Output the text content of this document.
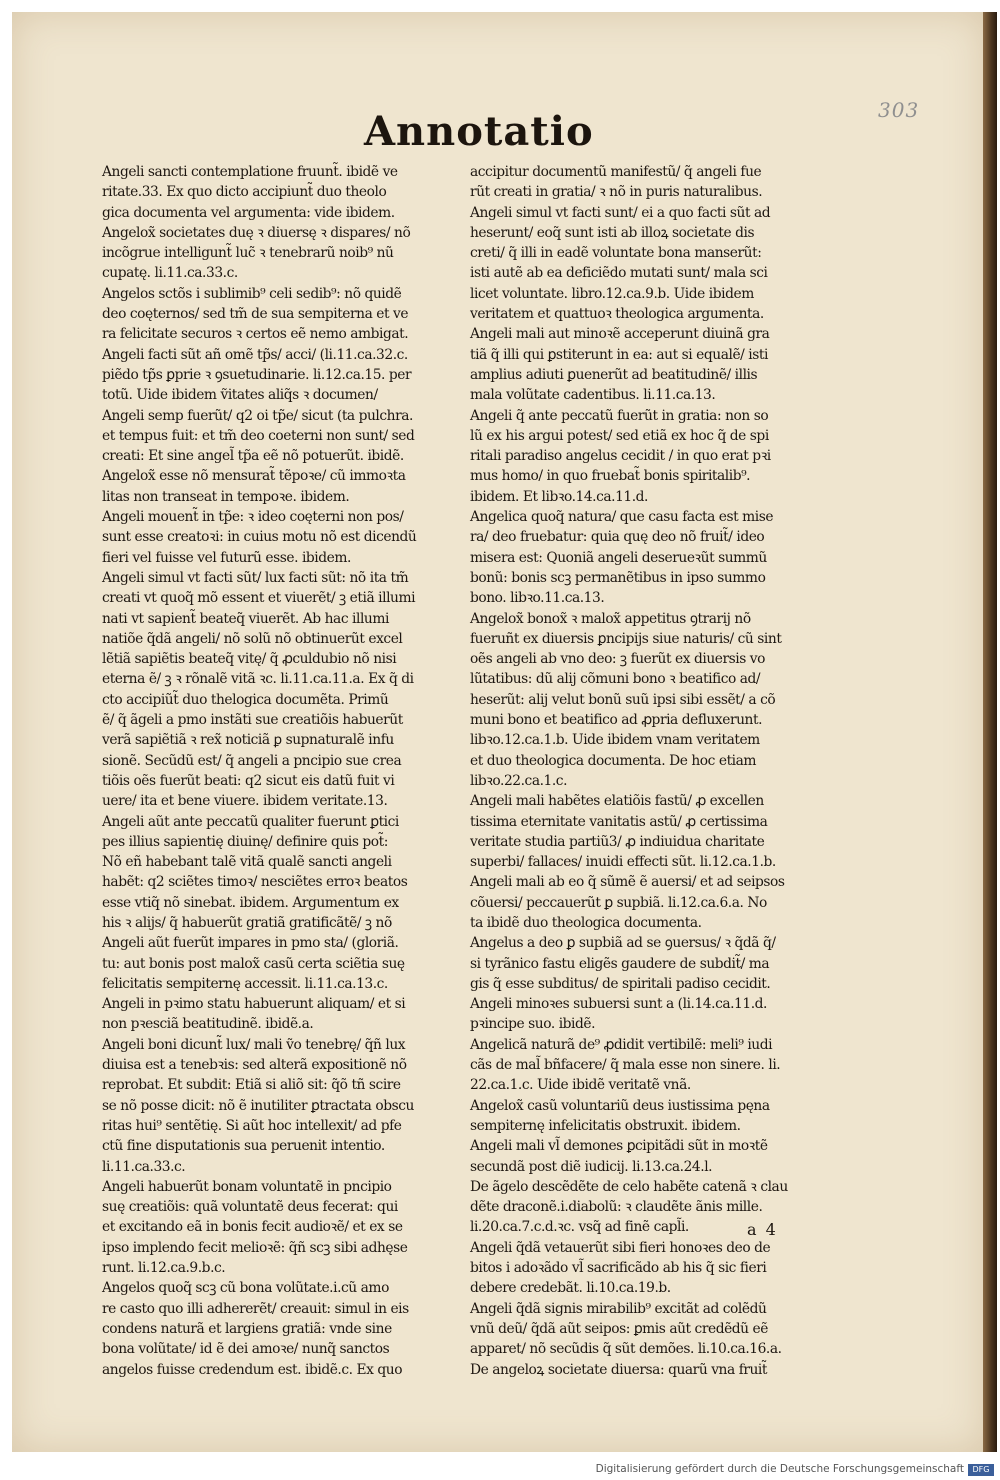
303
Annotatio

Angeli sancti contemplatione fruunt̃. ibidẽ ve

ritate.33. Ex quo dicto accipiunt̃ duo theolo

gica documenta vel argumenta: vide ibidem.

Angelox̃ societates duę ꝛ diuersę ꝛ dispares/ nõ

incõgrue intelligunt̃ luc̃ ꝛ tenebrarũ noib⁹ nũ

cupatę. li.11.ca.33.c.

Angelos sctõs i sublimib⁹ celi sedib⁹: nõ quidẽ

deo coęternos/ sed tm̃ de sua sempiterna et ve

ra felicitate securos ꝛ certos eẽ nemo ambigat.

Angeli facti sũt añ omẽ tp̃s/ acci/ (li.11.ca.32.c.

piẽdo tp̃s ꝑprie ꝛ ꝯsuetudinarie. li.12.ca.15. per

totũ. Uide ibidem ṽitates aliq̃s ꝛ documen/

Angeli semp fuerũt/ q2 oi tp̃e/ sicut (ta pulchra.

et tempus fuit: et tm̃ deo coeterni non sunt/ sed

creati: Et sine angel̃ tp̃a eẽ nõ potuerũt. ibidẽ.

Angelox̃ esse nõ mensurat̃ tẽpoꝛe/ cũ immoꝛta

litas non transeat in tempoꝛe. ibidem.

Angeli mouent̃ in tp̃e: ꝛ ideo coęterni non pos/

sunt esse creatoꝛi: in cuius motu nõ est dicendũ

fieri vel fuisse vel futurũ esse. ibidem.

Angeli simul vt facti sũt/ lux facti sũt: nõ ita tm̃

creati vt quoq̃ mõ essent et viuerẽt/ ꝫ etiã illumi

nati vt sapient̃ beateq̃ viuerẽt. Ab hac illumi

natiõe q̃dã angeli/ nõ solũ nõ obtinuerũt excel

lẽtiã sapiẽtis beateq̃ vitę/ q̃ ꝓculdubio nõ nisi

eterna ẽ/ ꝫ ꝛ rõnalẽ vitã ꝛc. li.11.ca.11.a. Ex q̃ di

cto accipiũt̃ duo thelogica documẽta. Primũ

ẽ/ q̃ ãgeli a pmo instãti sue creatiõis habuerũt

verã sapiẽtiã ꝛ rex̃ noticiã ꝑ supnaturalẽ infu

sionẽ. Secũdũ est/ q̃ angeli a pncipio sue crea

tiõis oẽs fuerũt beati: q2 sicut eis datũ fuit vi

uere/ ita et bene viuere. ibidem veritate.13.

Angeli aũt ante peccatũ qualiter fuerunt ꝑtici

pes illius sapientię diuinę/ definire quis pot̃:

Nõ eñ habebant talẽ vitã qualẽ sancti angeli

habẽt: q2 sciẽtes timoꝛ/ nesciẽtes erroꝛ beatos

esse vtiq̃ nõ sinebat. ibidem. Argumentum ex

his ꝛ alijs/ q̃ habuerũt gratiã gratificãtẽ/ ꝫ nõ

Angeli aũt fuerũt impares in pmo sta/ (gloriã.

tu: aut bonis post malox̃ casũ certa sciẽtia suę

felicitatis sempiternę accessit. li.11.ca.13.c.

Angeli in pꝛimo statu habuerunt aliquam/ et si

non pꝛesciã beatitudinẽ. ibidẽ.a.

Angeli boni dicunt̃ lux/ mali ṽo tenebrę/ q̃ñ lux

diuisa est a tenebꝛis: sed alterã expositionẽ nõ

reprobat. Et subdit: Etiã si aliõ sit: q̃õ tñ scire

se nõ posse dicit: nõ ẽ inutiliter ꝑtractata obscu

ritas hui⁹ sentẽtię. Si aũt hoc intellexit/ ad pfe

ctũ fine disputationis sua peruenit intentio.

li.11.ca.33.c.

Angeli habuerũt bonam voluntatẽ in pncipio

suę creatiõis: quã voluntatẽ deus fecerat: qui

et excitando eã in bonis fecit audioꝛẽ/ et ex se

ipso implendo fecit melioꝛẽ: q̃ñ scꝫ sibi adhęse

runt. li.12.ca.9.b.c.

Angelos quoq̃ scꝫ cũ bona volũtate.i.cũ amo

re casto quo illi adhererẽt/ creauit: simul in eis

condens naturã et largiens gratiã: vnde sine

bona volũtate/ id ẽ dei amoꝛe/ nunq̃ sanctos

angelos fuisse credendum est. ibidẽ.c. Ex quo

accipitur documentũ manifestũ/ q̃ angeli fue

rũt creati in gratia/ ꝛ nõ in puris naturalibus.

Angeli simul vt facti sunt/ ei a quo facti sũt ad

heserunt/ eoq̃ sunt isti ab illoꝝ societate dis

creti/ q̃ illi in eadẽ voluntate bona manserũt:

isti autẽ ab ea deficiẽdo mutati sunt/ mala sci

licet voluntate. libro.12.ca.9.b. Uide ibidem

veritatem et quattuoꝛ theologica argumenta.

Angeli mali aut minoꝛẽ acceperunt diuinã gra

tiã q̃ illi qui ꝑstiterunt in ea: aut si equalẽ/ isti

amplius adiuti ꝑuenerũt ad beatitudinẽ/ illis

mala volũtate cadentibus. li.11.ca.13.

Angeli q̃ ante peccatũ fuerũt in gratia: non so

lũ ex his argui potest/ sed etiã ex hoc q̃ de spi

ritali paradiso angelus cecidit / in quo erat pꝛi

mus homo/ in quo fruebat̃ bonis spiritalib⁹.

ibidem. Et libꝛo.14.ca.11.d.

Angelica quoq̃ natura/ que casu facta est mise

ra/ deo fruebatur: quia quę deo nõ fruit̃/ ideo

misera est: Quoniã angeli deserueꝛũt summũ

bonũ: bonis scꝫ permanẽtibus in ipso summo

bono. libꝛo.11.ca.13.

Angelox̃ bonox̃ ꝛ malox̃ appetitus ꝯtrarij nõ

fueruñt ex diuersis ꝑncipijs siue naturis/ cũ sint

oẽs angeli ab vno deo: ꝫ fuerũt ex diuersis vo

lũtatibus: dũ alij cõmuni bono ꝛ beatifico ad/

heserũt: alij velut bonũ suũ ipsi sibi essẽt/ a cõ

muni bono et beatifico ad ꝓpria defluxerunt.

libꝛo.12.ca.1.b. Uide ibidem vnam veritatem

et duo theologica documenta. De hoc etiam

libꝛo.22.ca.1.c.

Angeli mali habẽtes elatiõis fastũ/ ꝓ excellen

tissima eternitate vanitatis astũ/ ꝓ certissima

veritate studia partiũ3/ ꝓ indiuidua charitate

superbi/ fallaces/ inuidi effecti sũt. li.12.ca.1.b.

Angeli mali ab eo q̃ sũmẽ ẽ auersi/ et ad seipsos

cõuersi/ peccauerũt ꝑ supbiã. li.12.ca.6.a. No

ta ibidẽ duo theologica documenta.

Angelus a deo ꝑ supbiã ad se ꝯuersus/ ꝛ q̃dã q̃/

si tyrãnico fastu eligẽs gaudere de subdit̃/ ma

gis q̃ esse subditus/ de spiritali padiso cecidit.

Angeli minoꝛes subuersi sunt a (li.14.ca.11.d.

pꝛincipe suo. ibidẽ.

Angelicã naturã de⁹ ꝓdidit vertibilẽ: meli⁹ iudi

cãs de mal̃ bñfacere/ q̃ mala esse non sinere. li.

22.ca.1.c. Uide ibidẽ veritatẽ vnã.

Angelox̃ casũ voluntariũ deus iustissima pęna

sempiternę infelicitatis obstruxit. ibidem.

Angeli mali vl̃ demones ꝑcipitãdi sũt in moꝛtẽ

secundã post diẽ iudicij. li.13.ca.24.l.

De ãgelo descẽdẽte de celo habẽte catenã ꝛ clau

dẽte draconẽ.i.diabolũ: ꝛ claudẽte ãnis mille.

li.20.ca.7.c.d.ꝛc. vsq̃ ad finẽ capl̃i.

Angeli q̃dã vetauerũt sibi fieri honoꝛes deo de

bitos i adoꝛãdo vl̃ sacrificãdo ab his q̃ sic fieri

debere credebãt. li.10.ca.19.b.

Angeli q̃dã signis mirabilib⁹ excitãt ad colẽdũ

vnũ deũ/ q̃dã aũt seipos: ꝑmis aũt credẽdũ eẽ

apparet/ nõ secũdis q̃ sũt demões. li.10.ca.16.a.

De angeloꝝ societate diuersa: quarũ vna fruit̃

a 4
Digitalisierung gefördert durch die Deutsche Forschungsgemeinschaft	DFG
